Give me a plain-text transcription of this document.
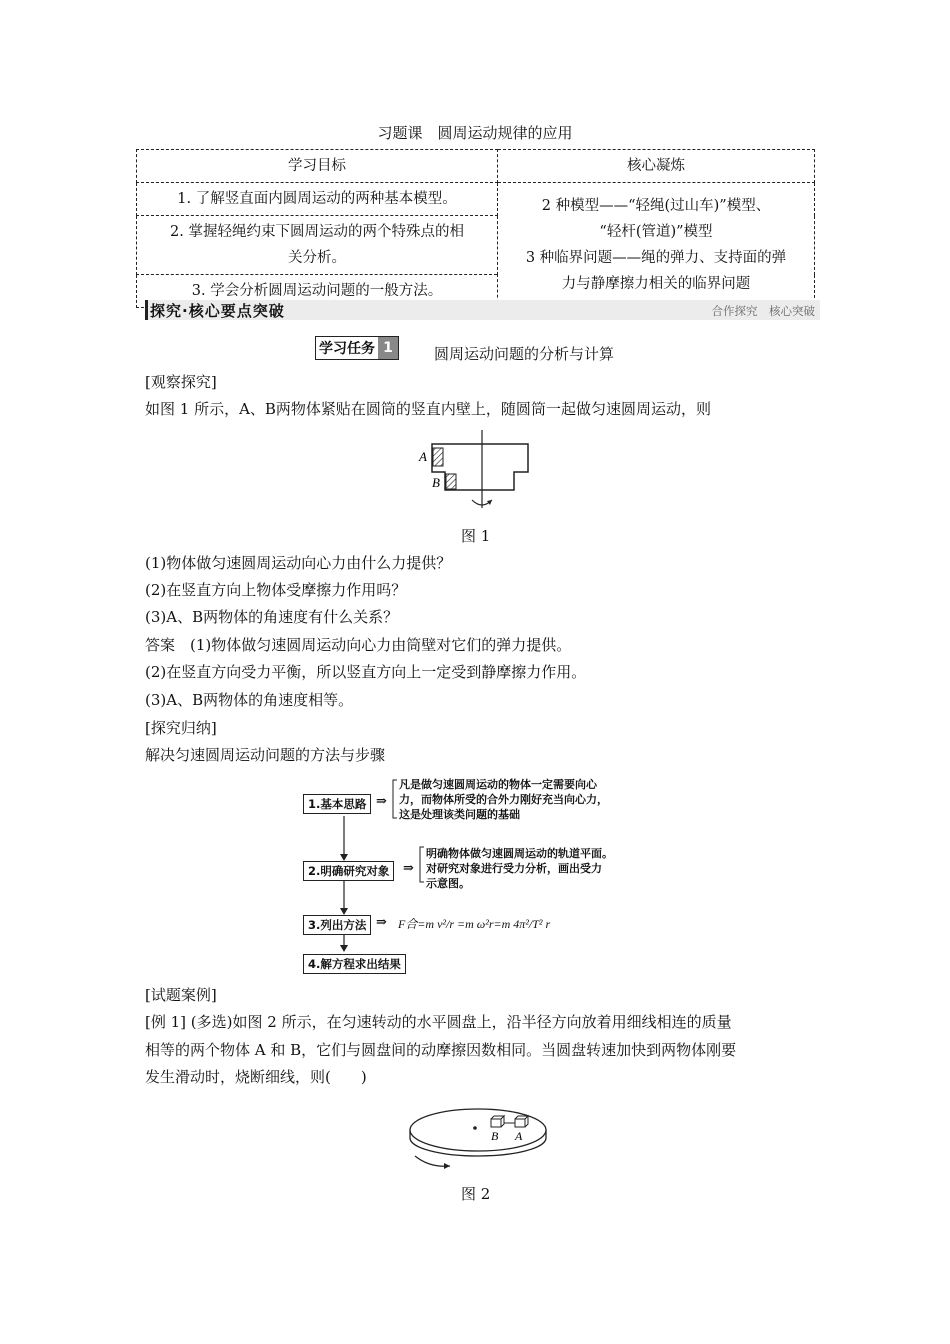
习题课　圆周运动规律的应用
学习目标	核心凝炼
1. 了解竖直面内圆周运动的两种基本模型。	2 种模型——“轻绳(过山车)”模型、
“轻杆(管道)”模型
3 种临界问题——绳的弹力、支持面的弹
力与静摩擦力相关的临界问题

2. 掌握轻绳约束下圆周运动的两个特殊点的相
关分析。	

3. 学会分析圆周运动问题的一般方法。	
探究·核心要点突破	合作探究　核心突破
学习任务 1	圆周运动问题的分析与计算
[观察探究]
如图 1 所示，A、B两物体紧贴在圆筒的竖直内壁上，随圆筒一起做匀速圆周运动，则
A
B
图 1
(1)物体做匀速圆周运动向心力由什么力提供？
(2)在竖直方向上物体受摩擦力作用吗？
(3)A、B两物体的角速度有什么关系？
答案　(1)物体做匀速圆周运动向心力由筒壁对它们的弹力提供。
(2)在竖直方向受力平衡，所以竖直方向上一定受到静摩擦力作用。
(3)A、B两物体的角速度相等。
[探究归纳]
解决匀速圆周运动问题的方法与步骤
1.基本思路 ⇒
凡是做匀速圆周运动的物体一定需要向心
力，而物体所受的合外力刚好充当向心力，
这是处理该类问题的基础
2.明确研究对象	⇒
明确物体做匀速圆周运动的轨道平面。
对研究对象进行受力分析，画出受力
示意图。
3.列出方法 ⇒ F合=m v²/r =m ω²r=m 4π²/T² r
4.解方程求出结果
[试题案例]
[例 1] (多选)如图 2 所示，在匀速转动的水平圆盘上，沿半径方向放着用细线相连的质量
相等的两个物体 A 和 B，它们与圆盘间的动摩擦因数相同。当圆盘转速加快到两物体刚要
发生滑动时，烧断细线，则(　　)
B A
图 2
